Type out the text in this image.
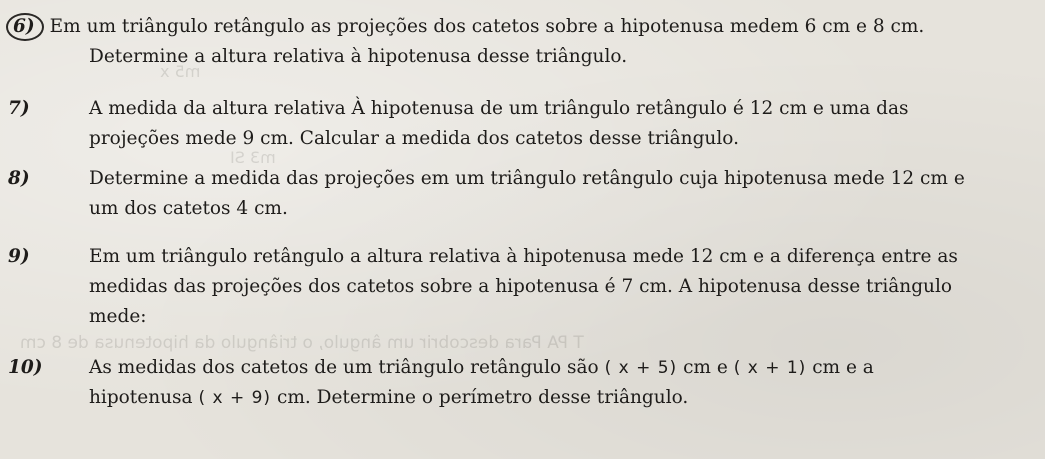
m5 x
m3 SI
T PA Para descobrir um ângulo, o triângulo da hipotenusa de 8 cm
6) Em um triângulo retângulo as projeções dos catetos sobre a hipotenusa medem 6 cm e 8 cm.
Determine a altura relativa à hipotenusa desse triângulo.
7)	A medida da altura relativa À hipotenusa de um triângulo retângulo é 12 cm e uma das
projeções mede 9 cm. Calcular a medida dos catetos desse triângulo.
8)	Determine a medida das projeções em um triângulo retângulo cuja hipotenusa mede 12 cm e
um dos catetos 4 cm.
9)	Em um triângulo retângulo a altura relativa à hipotenusa mede 12 cm e a diferença entre as
medidas das projeções dos catetos sobre a hipotenusa é 7 cm. A hipotenusa desse triângulo
mede:
10)	As medidas dos catetos de um triângulo retângulo são ( x + 5) cm e ( x + 1) cm e a
hipotenusa ( x + 9) cm. Determine o perímetro desse triângulo.
